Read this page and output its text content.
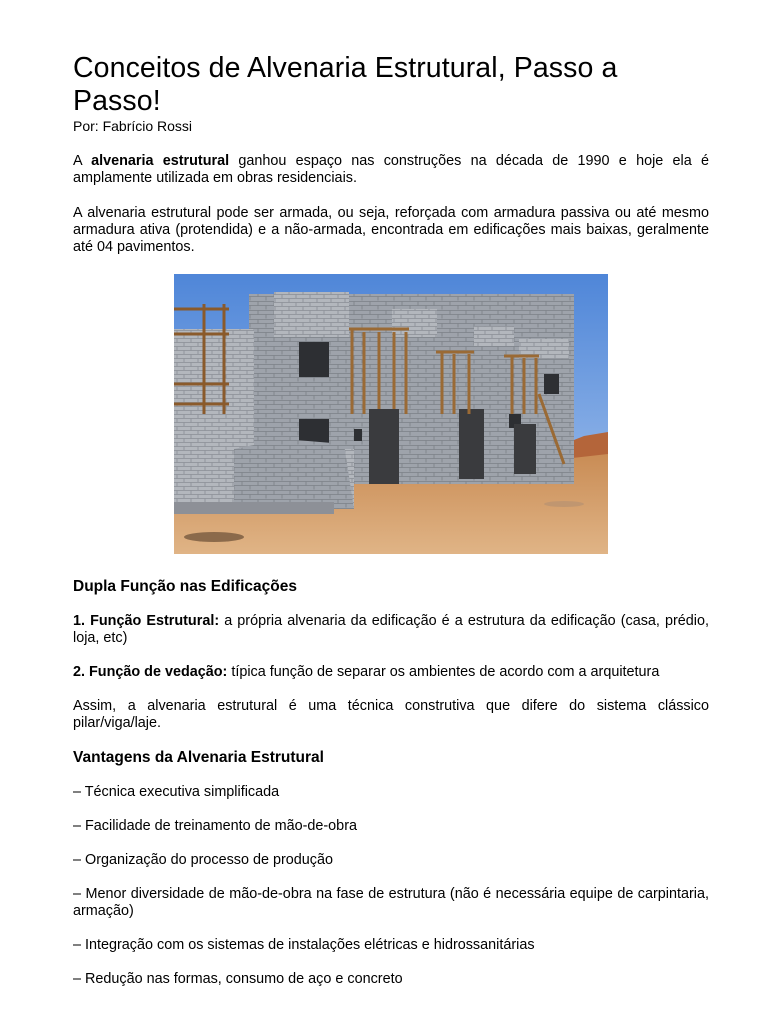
Conceitos de Alvenaria Estrutural, Passo a Passo!
Por: Fabrício Rossi

A alvenaria estrutural ganhou espaço nas construções na década de 1990 e hoje ela é amplamente utilizada em obras residenciais.

A alvenaria estrutural pode ser armada, ou seja, reforçada com armadura passiva ou até mesmo armadura ativa (protendida) e a não-armada, encontrada em edificações mais baixas, geralmente até 04 pavimentos.

Dupla Função nas Edificações

1. Função Estrutural: a própria alvenaria da edificação é a estrutura da edificação (casa, prédio, loja, etc)

2. Função de vedação: típica função de separar os ambientes de acordo com a arquitetura

Assim, a alvenaria estrutural é uma técnica construtiva que difere do sistema clássico pilar/viga/laje.

Vantagens da Alvenaria Estrutural

– Técnica executiva simplificada

– Facilidade de treinamento de mão-de-obra

– Organização do processo de produção

– Menor diversidade de mão-de-obra na fase de estrutura (não é necessária equipe de carpintaria, armação)

– Integração com os sistemas de instalações elétricas e hidrossanitárias

– Redução nas formas, consumo de aço e concreto
